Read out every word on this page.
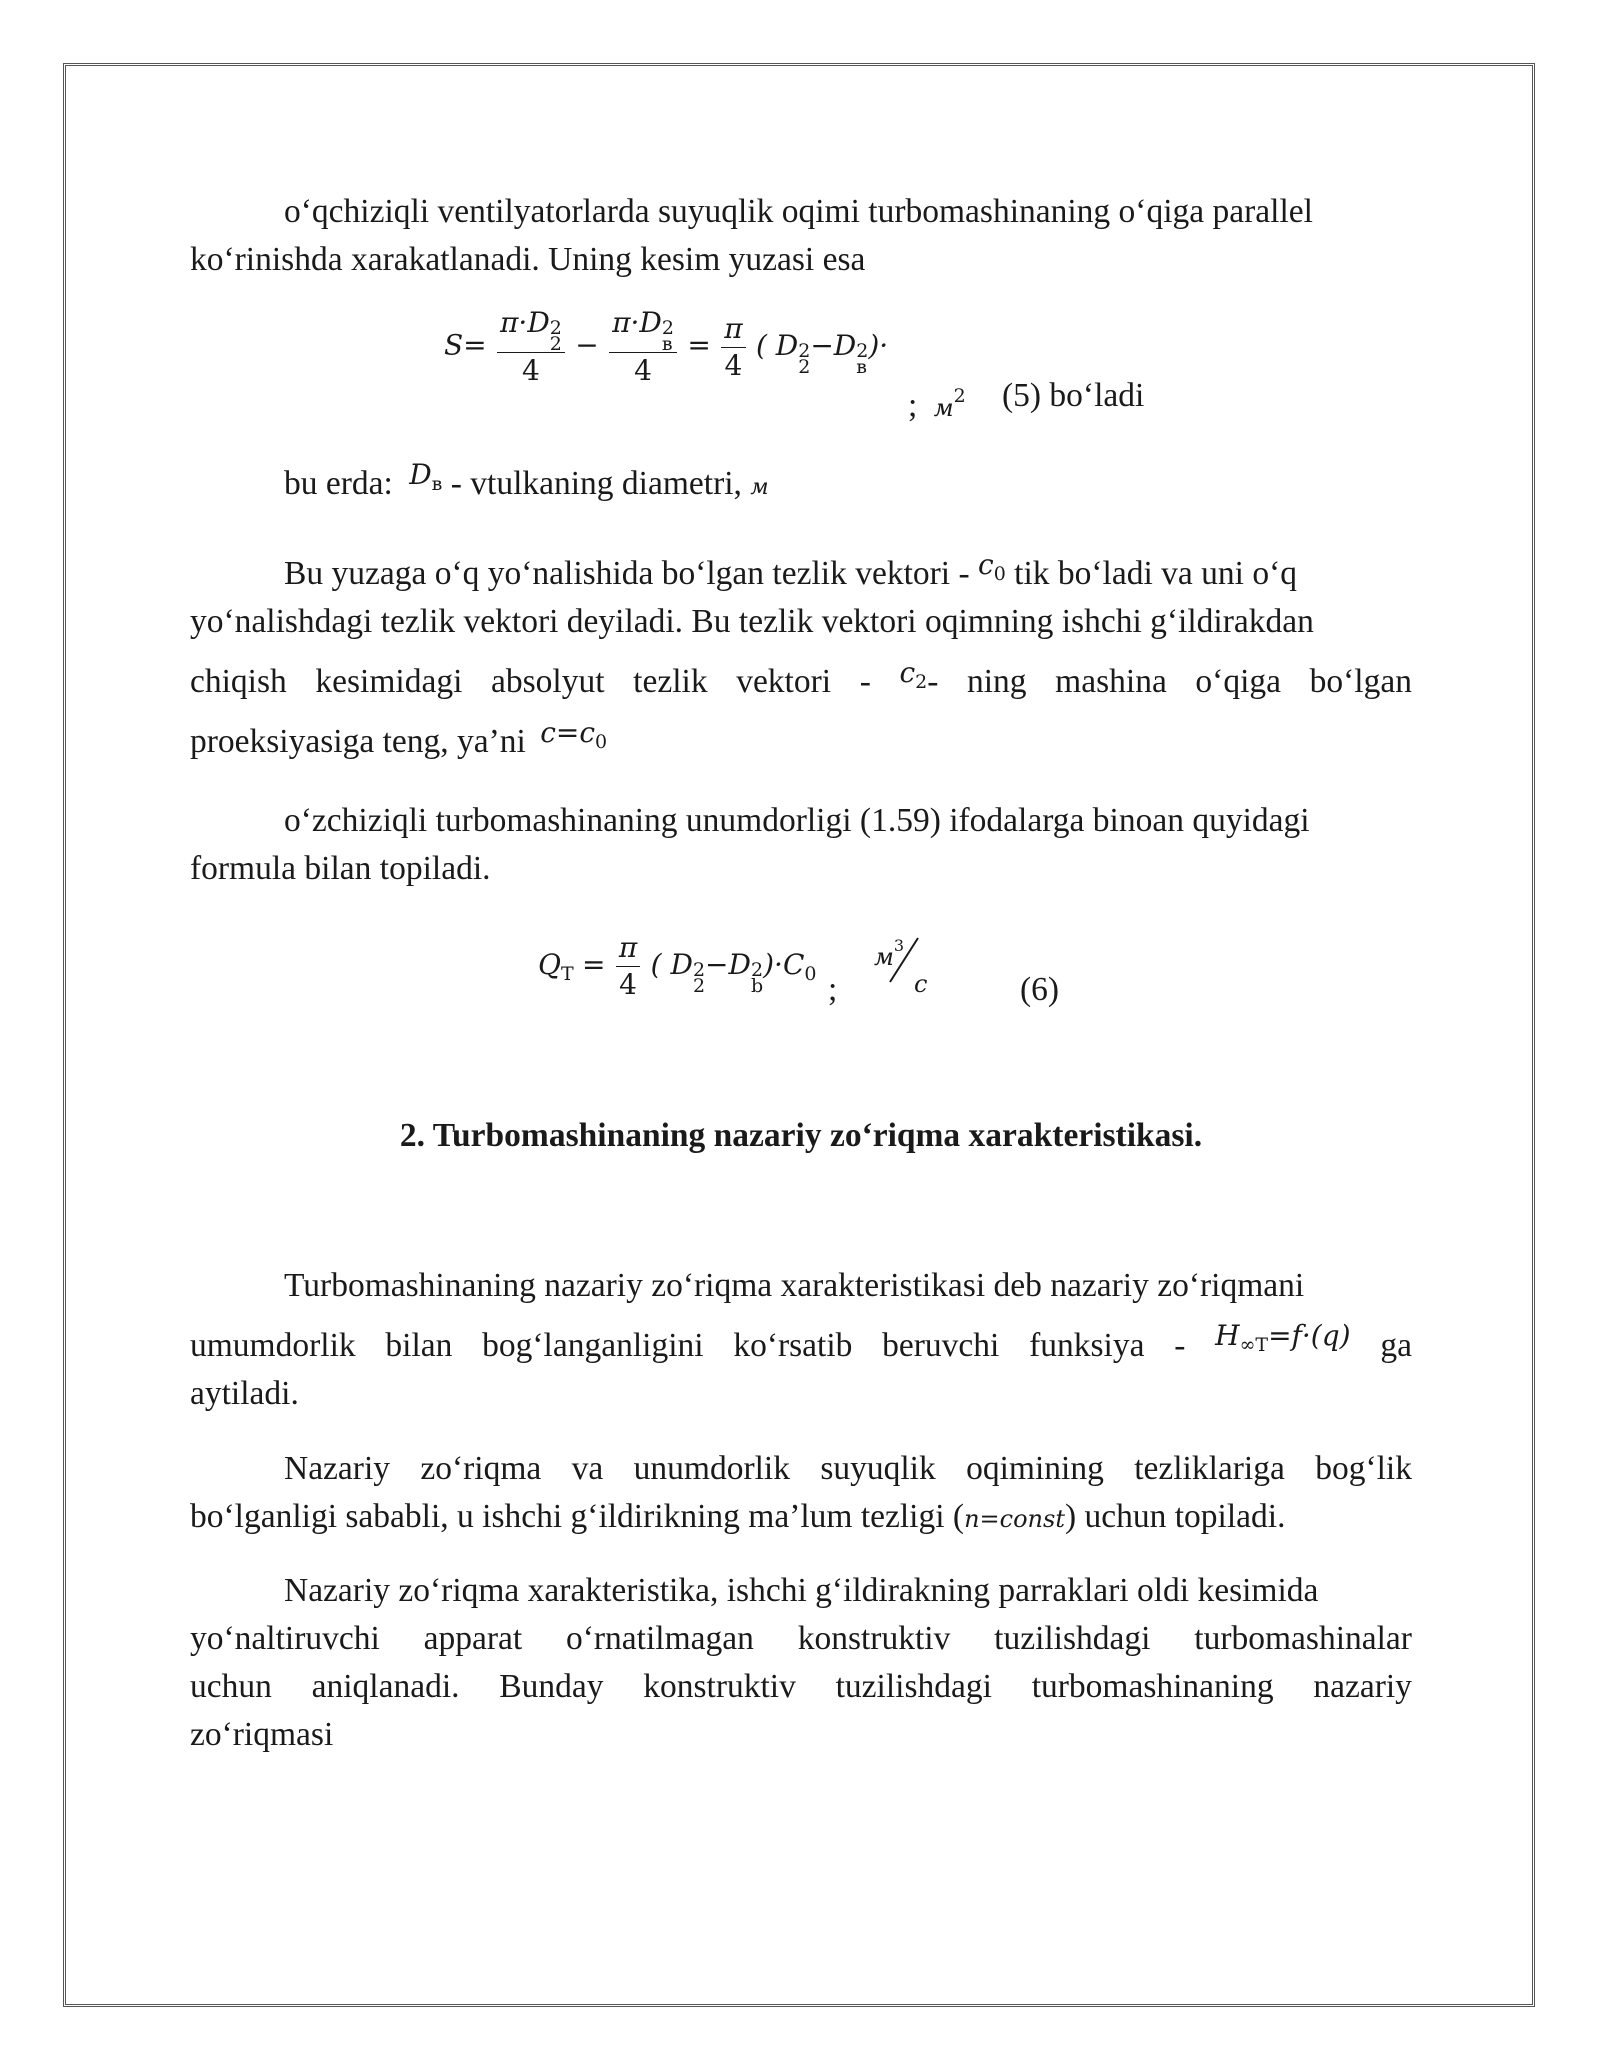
o‘qchiziqli ventilyatorlarda suyuqlik oqimi turbomashinaning o‘qiga parallel
ko‘rinishda xarakatlanadi. Uning kesim yuzasi esa
S= π·D 2
2
4 − π·D 2
в
$4 = \frac{\pi}{4}$ ( D 2
2
−D 2
в
)·
; $м^2$ (5) bo‘ladi
bu erda: $^{D_в}$ - vtulkaning diametri, м
Bu yuzaga o‘q yo‘nalishida bo‘lgan tezlik vektori - $^{c_0}$ tik bo‘ladi va uni o‘q
yo‘nalishdagi tezlik vektori deyiladi. Bu tezlik vektori oqimning ishchi g‘ildirakdan
chiqish kesimidagi absolyut tezlik vektori - $^{c_2}$- ning mashina o‘qiga bo‘lgan
proeksiyasiga teng, ya’ni $^{c=c_0}$
o‘zchiziqli turbomashinaning unumdorligi (1.59) ifodalarga binoan quyidagi
formula bilan topiladi.
$Q_T = \frac{\pi}{4}$ ( D 2
2
−D 2
b
)$\cdot C_0$ ;
$м^3$
с	(6)
2. Turbomashinaning nazariy zo‘riqma xarakteristikasi.
Turbomashinaning nazariy zo‘riqma xarakteristikasi deb nazariy zo‘riqmani
umumdorlik bilan bog‘langanligini ko‘rsatib beruvchi funksiya - $H_{\infty T}=f\cdot(q)$ ga
aytiladi.
Nazariy zo‘riqma va unumdorlik suyuqlik oqimining tezliklariga bog‘lik
bo‘lganligi sababli, u ishchi g‘ildirikning ma’lum tezligi (n=const) uchun topiladi.
Nazariy zo‘riqma xarakteristika, ishchi g‘ildirakning parraklari oldi kesimida
yo‘naltiruvchi apparat o‘rnatilmagan konstruktiv tuzilishdagi turbomashinalar
uchun aniqlanadi. Bunday konstruktiv tuzilishdagi turbomashinaning nazariy
zo‘riqmasi
